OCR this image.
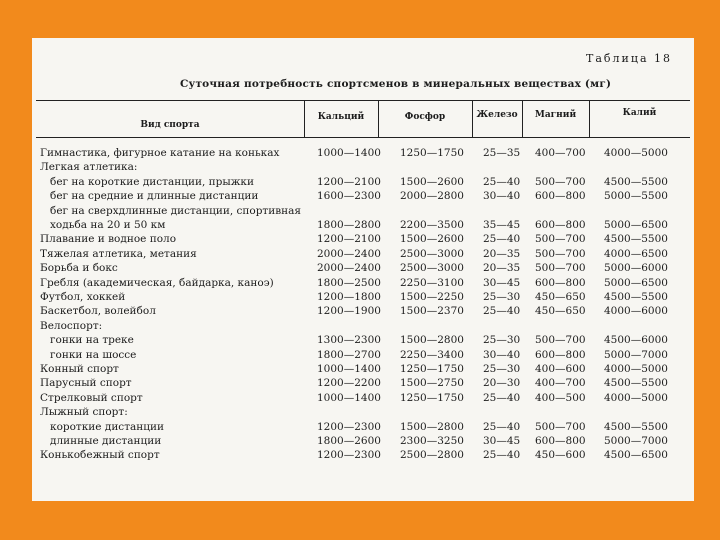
Таблица 18
Суточная потребность спортсменов в минеральных веществах (мг)
Вид спорта
Кальций	Фосфор	Железо	Магний	Калий
Гимнастика, фигурное катание на коньках	1000—1400 1250—1750 25—35 400—700 4000—5000
Легкая атлетика:
бег на короткие дистанции, прыжки	1200—2100 1500—2600 25—40 500—700 4500—5500
бег на средние и длинные дистанции	1600—2300 2000—2800 30—40 600—800 5000—5500
бег на сверхдлинные дистанции, спортивная
ходьба на 20 и 50 км	1800—2800 2200—3500 35—45 600—800 5000—6500
Плавание и водное поло	1200—2100 1500—2600 25—40 500—700 4500—5500
Тяжелая атлетика, метания	2000—2400 2500—3000 20—35 500—700 4000—6500
Борьба и бокс	2000—2400 2500—3000 20—35 500—700 5000—6000
Гребля (академическая, байдарка, каноэ)	1800—2500 2250—3100 30—45 600—800 5000—6500
Футбол, хоккей	1200—1800 1500—2250 25—30 450—650 4500—5500
Баскетбол, волейбол	1200—1900 1500—2370 25—40 450—650 4000—6000
Велоспорт:
гонки на треке	1300—2300 1500—2800 25—30 500—700 4500—6000
гонки на шоссе	1800—2700 2250—3400 30—40 600—800 5000—7000
Конный спорт	1000—1400 1250—1750 25—30 400—600 4000—5000
Парусный спорт	1200—2200 1500—2750 20—30 400—700 4500—5500
Стрелковый спорт	1000—1400 1250—1750 25—40 400—500 4000—5000
Лыжный спорт:
короткие дистанции	1200—2300 1500—2800 25—40 500—700 4500—5500
длинные дистанции	1800—2600 2300—3250 30—45 600—800 5000—7000
Конькобежный спорт	1200—2300 2500—2800 25—40 450—600 4500—6500
